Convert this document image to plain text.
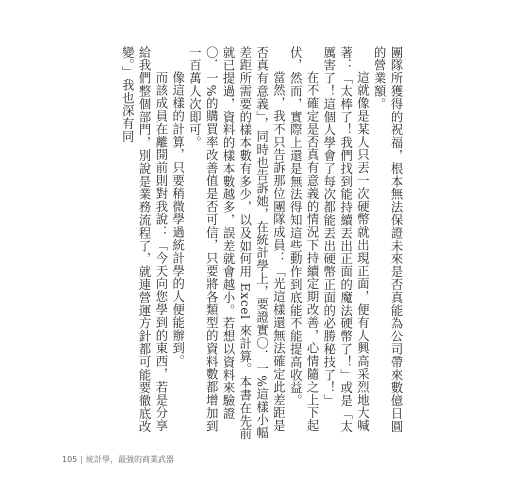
團隊所獲得的祝福，根本無法保證未來是否真能為公司帶來數億日圓的營業額。

這就像是某人只丟一次硬幣就出現正面，便有人興高采烈地大喊著：「太棒了！我們找到能持續丟出正面的魔法硬幣了！」或是「太厲害了！這個人學會了每次都能丟出硬幣正面的必勝秘技了！」

在不確定是否真有意義的情況下持續定期改善，心情隨之上下起伏，然而，實際上還是無法得知這些動作到底能不能提高收益。

當然，我不只告訴那位團隊成員：「光這樣還無法確定此差距是否真有意義」，同時也告訴她，在統計學上，要證實〇．一%這樣小幅差距所需要的樣本數有多少，以及如何用 Excel 來計算。本書在先前就已提過，資料的樣本數越多，誤差就會越小。若想以資料來驗證〇．一%的購買率改善值是否可信，只要將各類型的資料數都增加到一百萬人次即可。

像這樣的計算，只要稍微學過統計學的人便能辦到。

而該成員在離開前則對我說：「今天向您學到的東西，若是分享給我們整個部門，別說是業務流程了，就連營運方針都可能要徹底改變。」我也深有同

105 | 統計學，最強的商業武器
